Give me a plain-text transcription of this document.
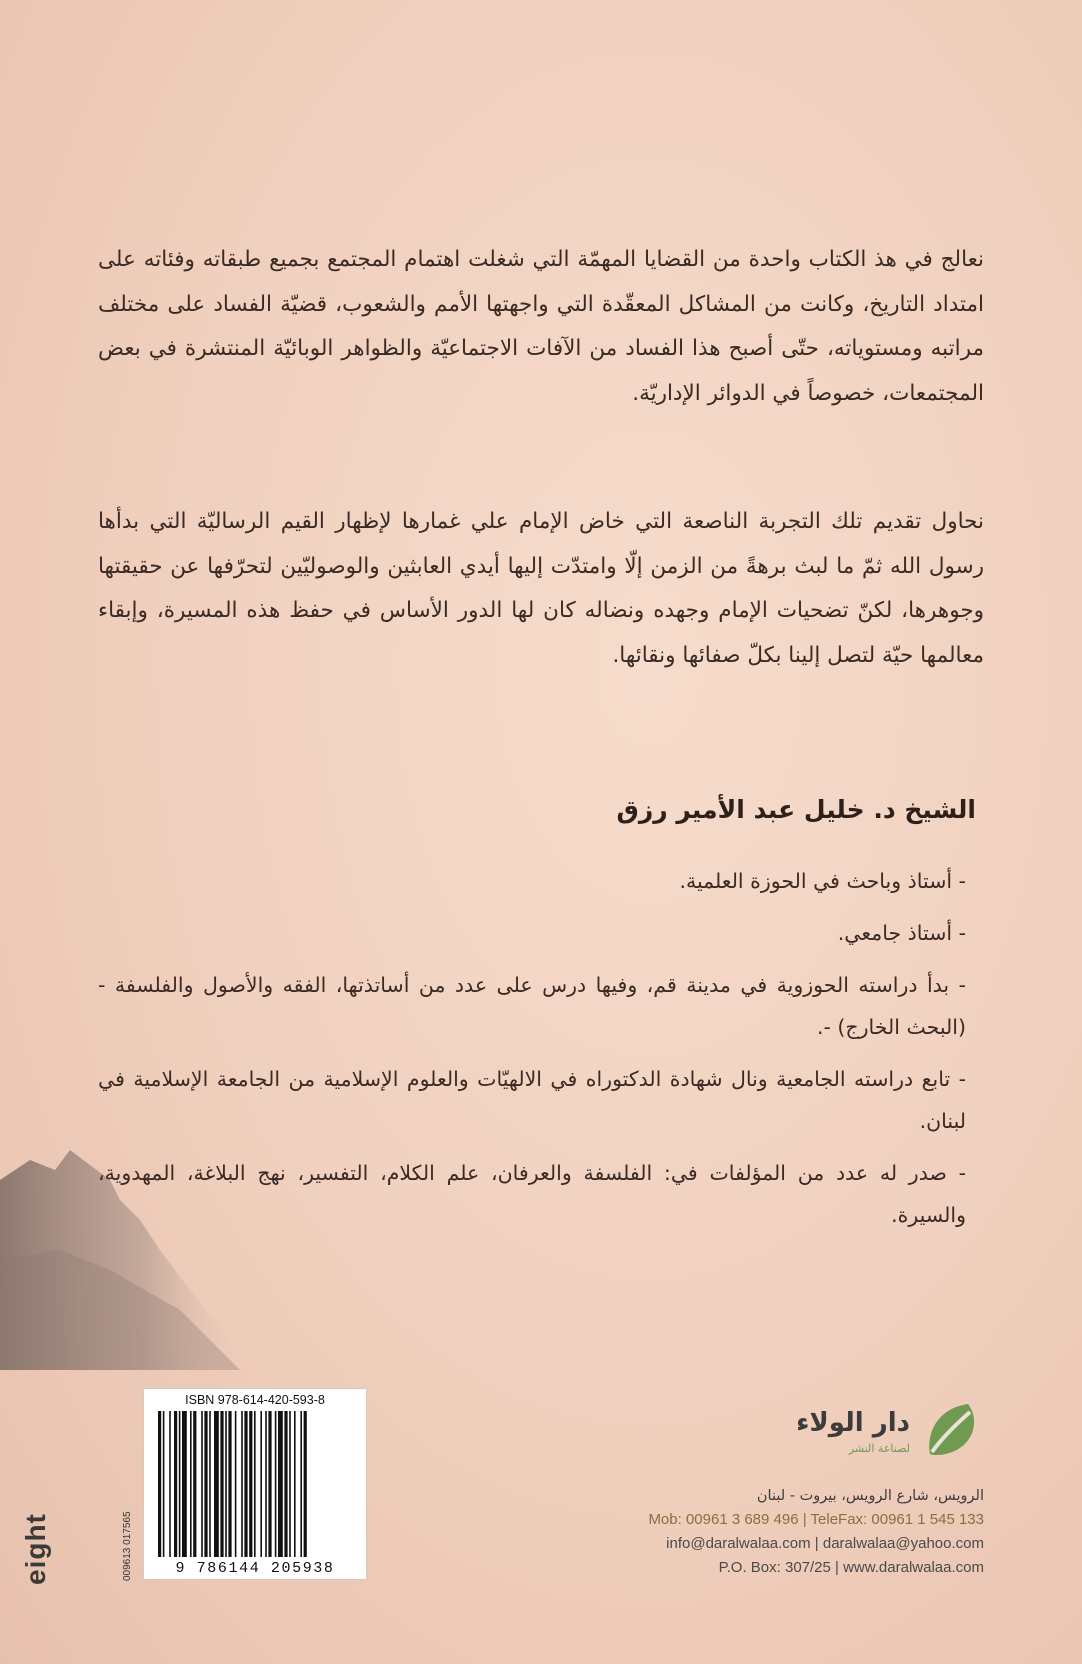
نعالج في هذ الكتاب واحدة من القضايا المهمّة التي شغلت اهتمام المجتمع بجميع طبقاته وفئاته على امتداد التاريخ، وكانت من المشاكل المعقّدة التي واجهتها الأمم والشعوب، قضيّة الفساد على مختلف مراتبه ومستوياته، حتّى أصبح هذا الفساد من الآفات الاجتماعيّة والظواهر الوبائيّة المنتشرة في بعض المجتمعات، خصوصاً في الدوائر الإداريّة.
نحاول تقديم تلك التجربة الناصعة التي خاض الإمام علي غمارها لإظهار القيم الرساليّة التي بدأها رسول الله ثمّ ما لبث برهةً من الزمن إلّا وامتدّت إليها أيدي العابثين والوصوليّين لتحرّفها عن حقيقتها وجوهرها، لكنّ تضحيات الإمام وجهده ونضاله كان لها الدور الأساس في حفظ هذه المسيرة، وإبقاء معالمها حيّة لتصل إلينا بكلّ صفائها ونقائها.
الشيخ د. خليل عبد الأمير رزق
- أستاذ وباحث في الحوزة العلمية.
- أستاذ جامعي.
- بدأ دراسته الحوزوية في مدينة قم، وفيها درس على عدد من أساتذتها، الفقه والأصول والفلسفة - (البحث الخارج) -.
- تابع دراسته الجامعية ونال شهادة الدكتوراه في الالهيّات والعلوم الإسلامية من الجامعة الإسلامية في لبنان.
- صدر له عدد من المؤلفات في: الفلسفة والعرفان، علم الكلام، التفسير، نهج البلاغة، المهدوية، والسيرة.
ISBN 978-614-420-593-8
9 786144 205938
eight	009613 017565
دار الولاء
لصناعة النشر
الرويس، شارع الرويس، بيروت - لبنان
Mob: 00961 3 689 496 | TeleFax: 00961 1 545 133
info@daralwalaa.com | daralwalaa@yahoo.com
P.O. Box: 307/25 | www.daralwalaa.com
